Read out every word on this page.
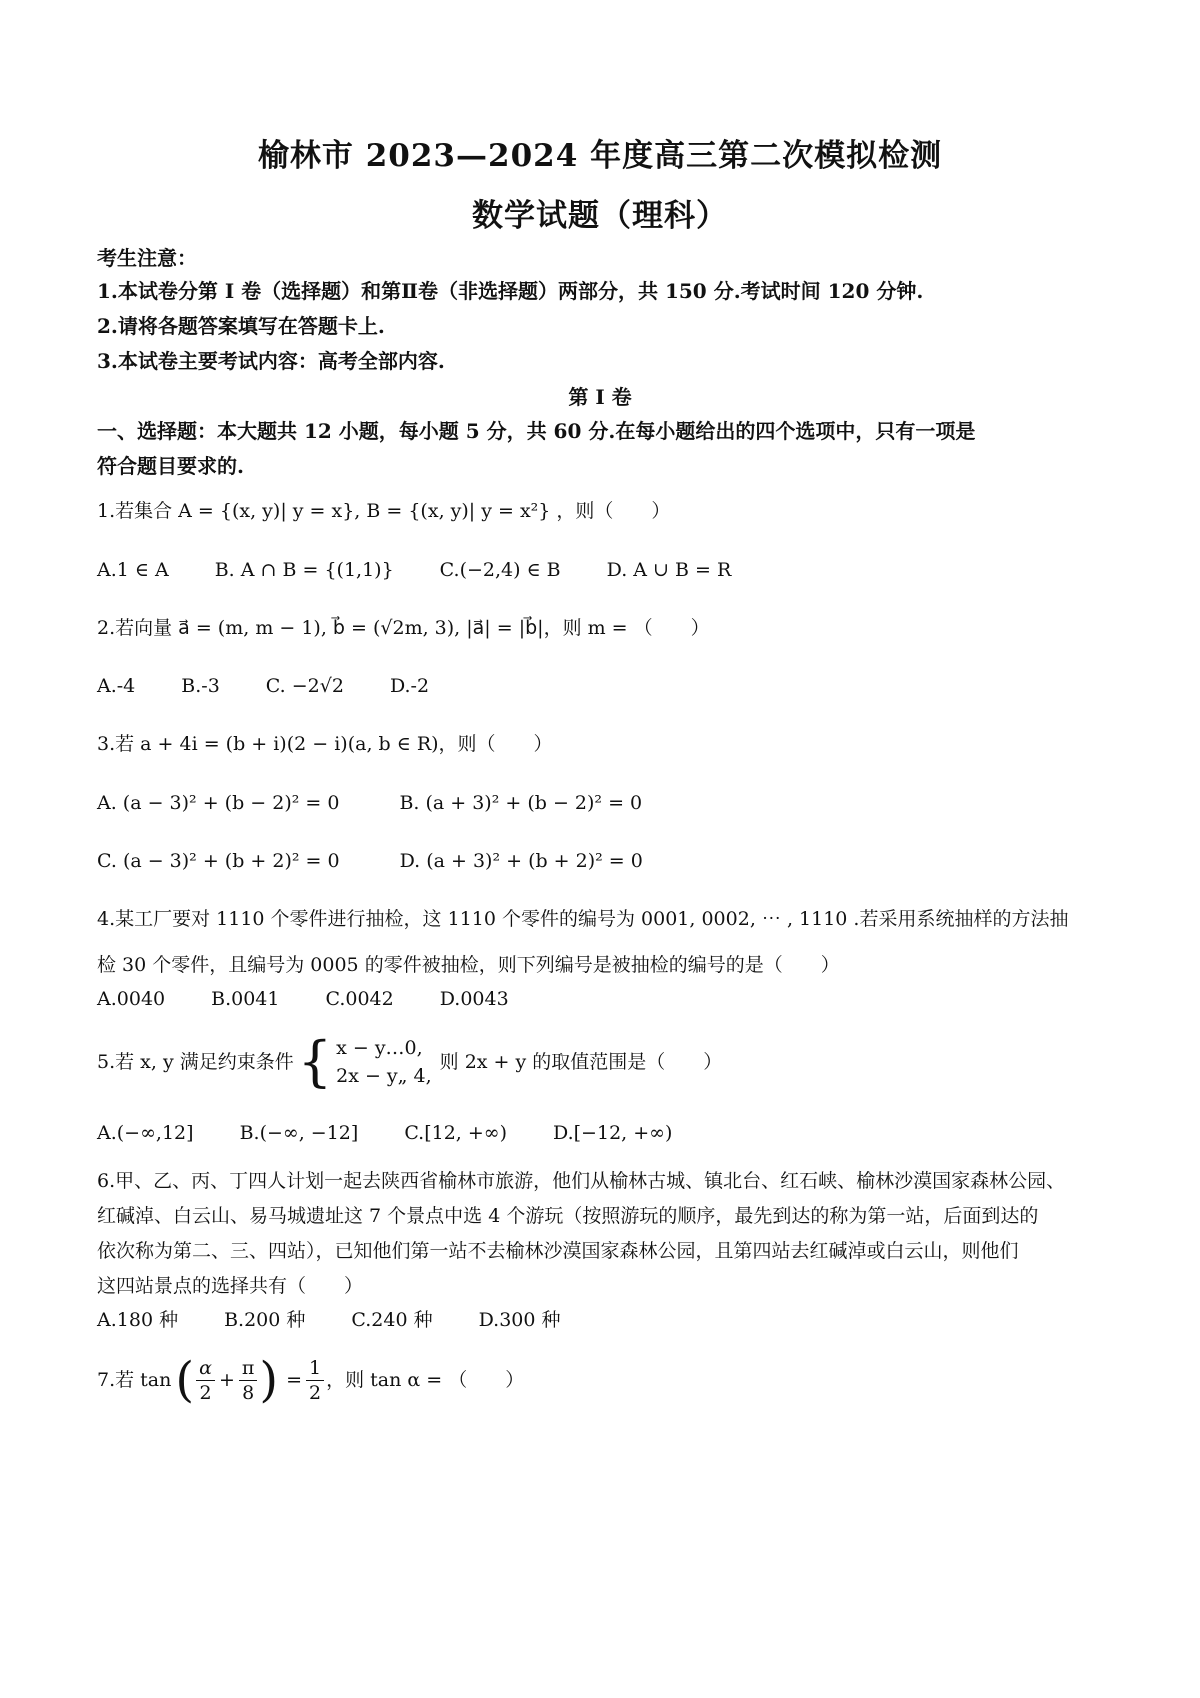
榆林市 2023—2024 年度高三第二次模拟检测
数学试题（理科）
考生注意：
1.本试卷分第 I 卷（选择题）和第Ⅱ卷（非选择题）两部分，共 150 分.考试时间 120 分钟.
2.请将各题答案填写在答题卡上.
3.本试卷主要考试内容：高考全部内容.
第 I 卷
一、选择题：本大题共 12 小题，每小题 5 分，共 60 分.在每小题给出的四个选项中，只有一项是
符合题目要求的.
1.若集合 A = {(x, y)| y = x}, B = {(x, y)| y = x²} ，则（　　）
A.1 ∈ A B. A ∩ B = {(1,1)} C.(−2,4) ∈ B D. A ∪ B = R
2.若向量 a⃗ = (m, m − 1), b⃗ = (√2m, 3), |a⃗| = |b⃗|，则 m = （　　）
A.-4 B.-3 C. −2√2 D.-2
3.若 a + 4i = (b + i)(2 − i)(a, b ∈ R)，则（　　）
A. (a − 3)² + (b − 2)² = 0	B. (a + 3)² + (b − 2)² = 0
C. (a − 3)² + (b + 2)² = 0	D. (a + 3)² + (b + 2)² = 0
4.某工厂要对 1110 个零件进行抽检，这 1110 个零件的编号为 0001, 0002, ⋯ , 1110 .若采用系统抽样的方法抽
检 30 个零件，且编号为 0005 的零件被抽检，则下列编号是被抽检的编号的是（　　）
A.0040 B.0041 C.0042 D.0043
5.若 x, y 满足约束条件 { x − y…0,
2x − y„ 4,
则 2x + y 的取值范围是（　　）
A.(−∞,12] B.(−∞, −12] C.[12, +∞) D.[−12, +∞)
6.甲、乙、丙、丁四人计划一起去陕西省榆林市旅游，他们从榆林古城、镇北台、红石峡、榆林沙漠国家森林公园、
红碱淖、白云山、易马城遗址这 7 个景点中选 4 个游玩（按照游玩的顺序，最先到达的称为第一站，后面到达的
依次称为第二、三、四站），已知他们第一站不去榆林沙漠国家森林公园，且第四站去红碱淖或白云山，则他们
这四站景点的选择共有（　　）
A.180 种 B.200 种 C.240 种 D.300 种
7.若 tan ( $\frac{\alpha}{2} + \frac{\pi}{8}$ ) = $\frac{1}{2}$ ，则 tan α = （　　）
